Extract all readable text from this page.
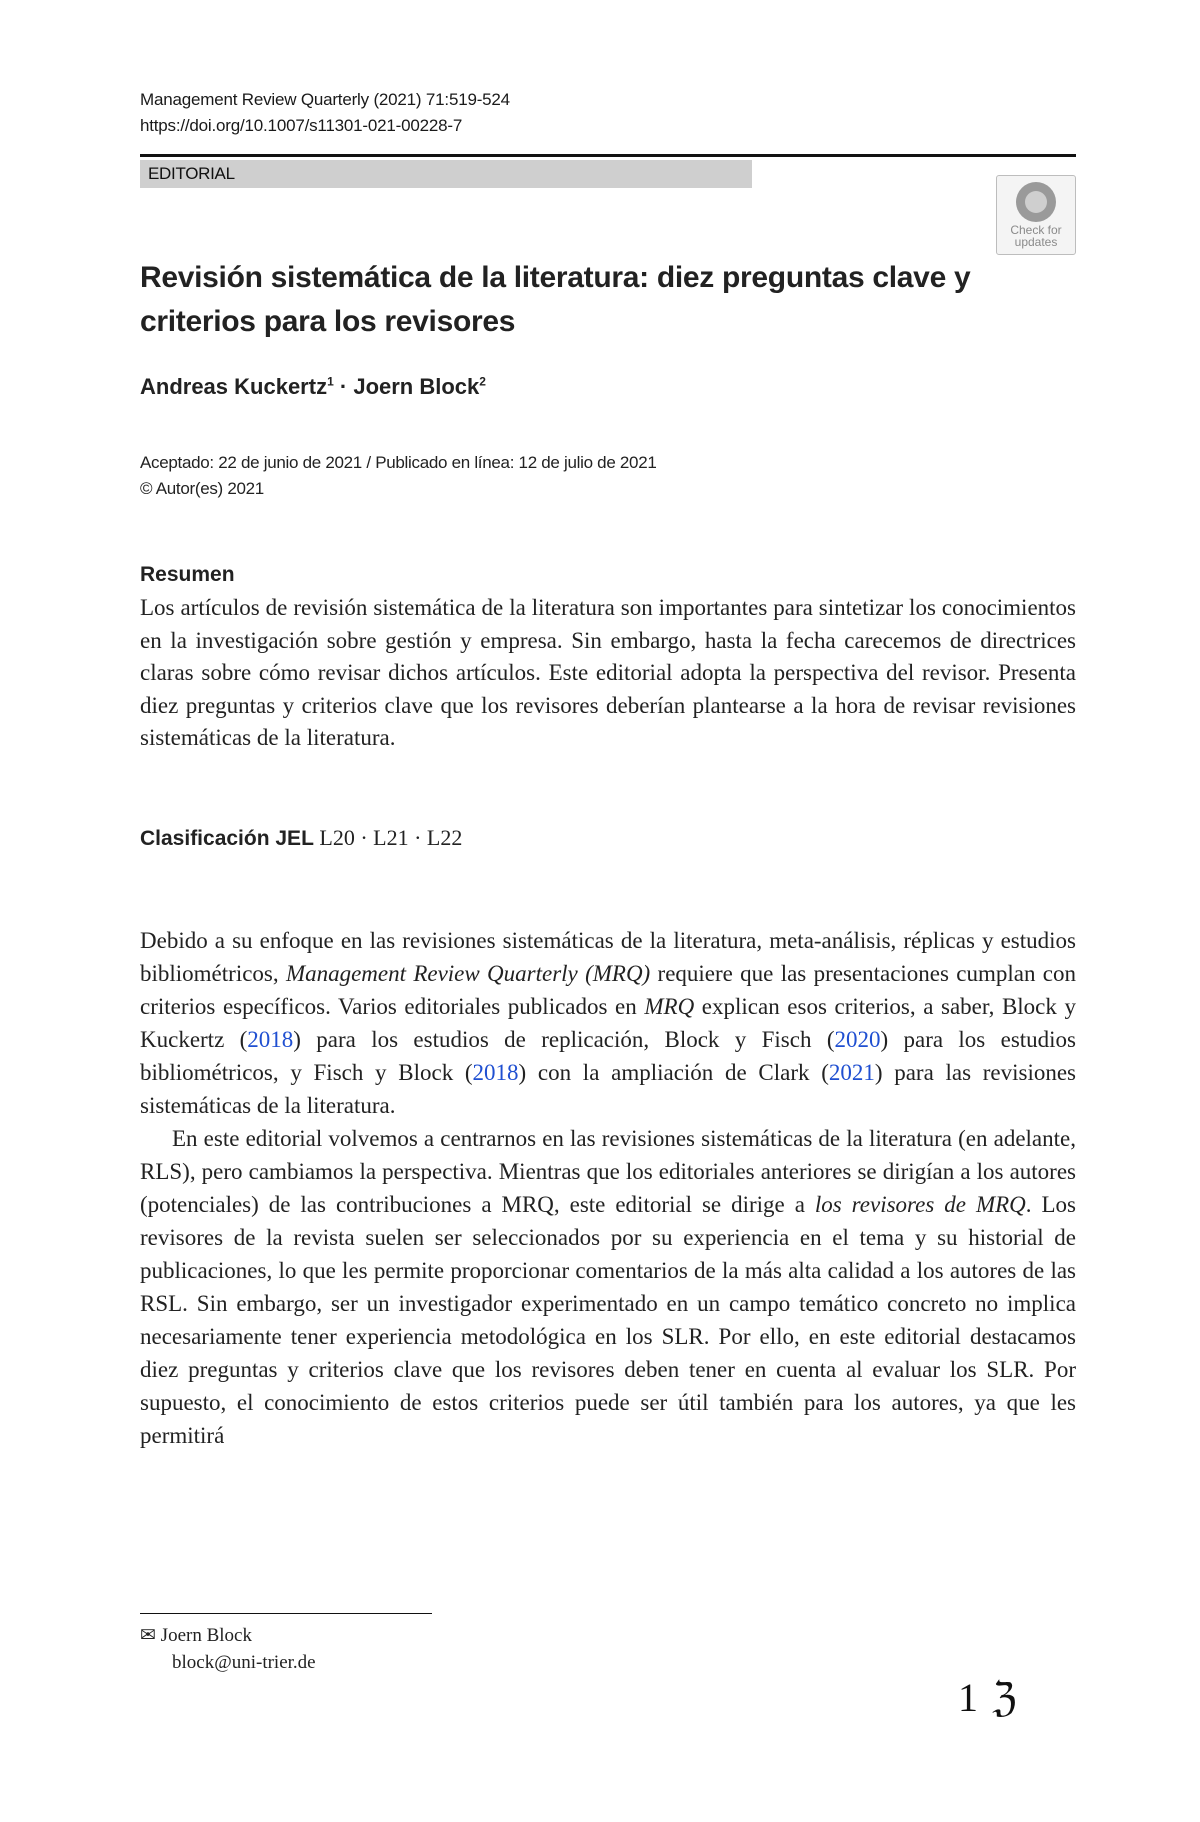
Management Review Quarterly (2021) 71:519-524
https://doi.org/10.1007/s11301-021-00228-7
EDITORIAL
Check for
updates
Revisión sistemática de la literatura: diez preguntas clave y criterios para los revisores
Andreas Kuckertz$^1$ · Joern Block$^2$
Aceptado: 22 de junio de 2021 / Publicado en línea: 12 de julio de 2021
© Autor(es) 2021
Resumen
Los artículos de revisión sistemática de la literatura son importantes para sintetizar los conocimientos en la investigación sobre gestión y empresa. Sin embargo, hasta la fecha carecemos de directrices claras sobre cómo revisar dichos artículos. Este editorial adopta la perspectiva del revisor. Presenta diez preguntas y criterios clave que los revisores deberían plantearse a la hora de revisar revisiones sistemáticas de la literatura.
Clasificación JEL L20 · L21 · L22

Debido a su enfoque en las revisiones sistemáticas de la literatura, meta-análisis, réplicas y estudios bibliométricos, Management Review Quarterly (MRQ) requiere que las presentaciones cumplan con criterios específicos. Varios editoriales publicados en MRQ explican esos criterios, a saber, Block y Kuckertz (2018) para los estudios de replicación, Block y Fisch (2020) para los estudios bibliométricos, y Fisch y Block (2018) con la ampliación de Clark (2021) para las revisiones sistemáticas de la literatura.

En este editorial volvemos a centrarnos en las revisiones sistemáticas de la literatura (en adelante, RLS), pero cambiamos la perspectiva. Mientras que los editoriales anteriores se dirigían a los autores (potenciales) de las contribuciones a MRQ, este editorial se dirige a los revisores de MRQ. Los revisores de la revista suelen ser seleccionados por su experiencia en el tema y su historial de publicaciones, lo que les permite proporcionar comentarios de la más alta calidad a los autores de las RSL. Sin embargo, ser un investigador experimentado en un campo temático concreto no implica necesariamente tener experiencia metodológica en los SLR. Por ello, en este editorial destacamos diez preguntas y criterios clave que los revisores deben tener en cuenta al evaluar los SLR. Por supuesto, el conocimiento de estos criterios puede ser útil también para los autores, ya que les permitirá

✉ Joern Block
block@uni-trier.de
1 ℨ
